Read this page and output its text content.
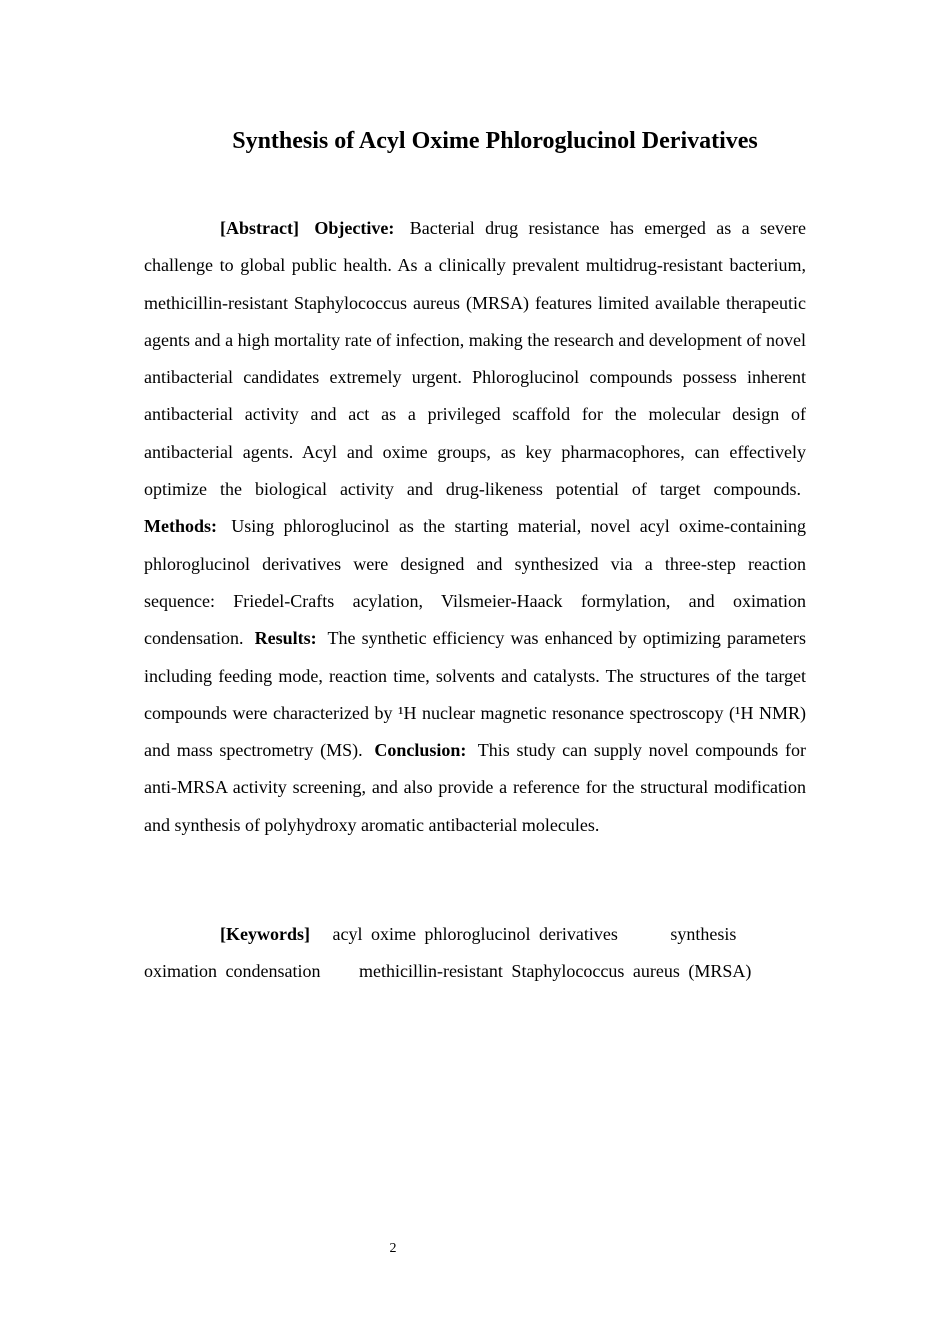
Synthesis of Acyl Oxime Phloroglucinol Derivatives

[Abstract] Objective: Bacterial drug resistance has emerged as a severe challenge to global public health. As a clinically prevalent multidrug-resistant bacterium, methicillin-resistant Staphylococcus aureus (MRSA) features limited available therapeutic agents and a high mortality rate of infection, making the research and development of novel antibacterial candidates extremely urgent. Phloroglucinol compounds possess inherent antibacterial activity and act as a privileged scaffold for the molecular design of antibacterial agents. Acyl and oxime groups, as key pharmacophores, can effectively optimize the biological activity and drug-likeness potential of target compounds. Methods: Using phloroglucinol as the starting material, novel acyl oxime-containing phloroglucinol derivatives were designed and synthesized via a three-step reaction sequence: Friedel-Crafts acylation, Vilsmeier-Haack formylation, and oximation condensation. Results: The synthetic efficiency was enhanced by optimizing parameters including feeding mode, reaction time, solvents and catalysts. The structures of the target compounds were characterized by ¹H nuclear magnetic resonance spectroscopy (¹H NMR) and mass spectrometry (MS). Conclusion: This study can supply novel compounds for anti-MRSA activity screening, and also provide a reference for the structural modification and synthesis of polyhydroxy aromatic antibacterial molecules.

[Keywords] acyl oxime phloroglucinol derivatives	synthesis oximation condensation methicillin-resistant Staphylococcus aureus (MRSA)

2
